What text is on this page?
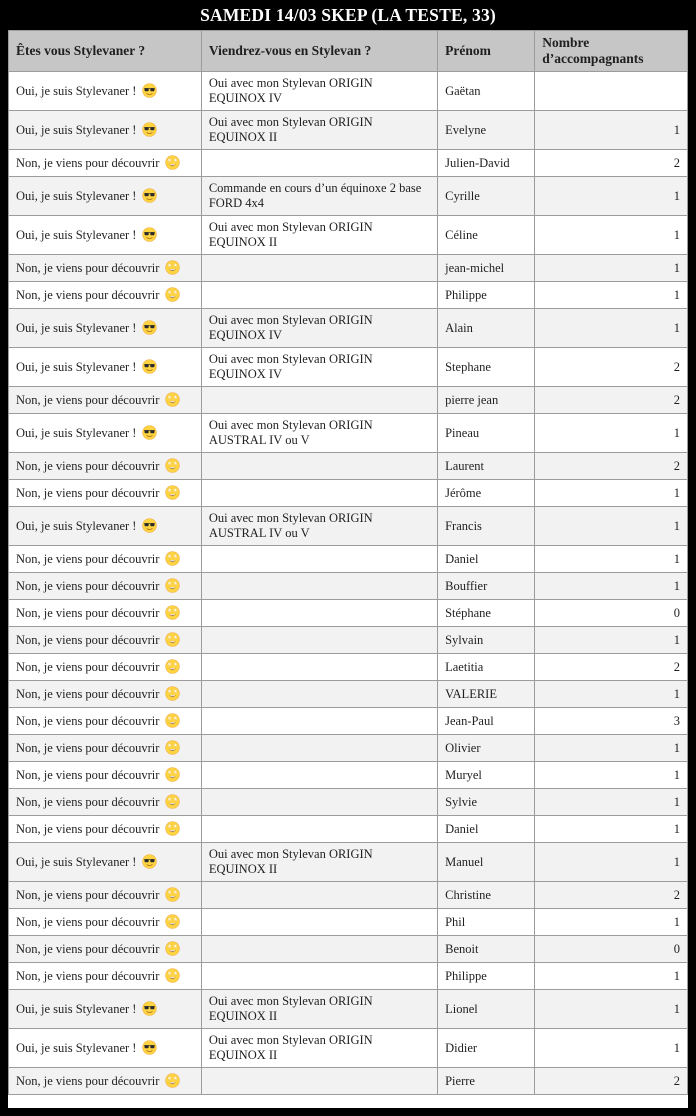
SAMEDI 14/03 SKEP (LA TESTE, 33)
Êtes vous Stylevaner ?	Viendrez-vous en Stylevan ?	Prénom	Nombre d’accompagnants
Oui, je suis Stylevaner !	Oui avec mon Stylevan ORIGIN EQUINOX IV	Gaëtan	
Oui, je suis Stylevaner !	Oui avec mon Stylevan ORIGIN EQUINOX II	Evelyne	1
Non, je viens pour découvrir		Julien-David	2
Oui, je suis Stylevaner !	Commande en cours d’un équinoxe 2 base FORD 4x4	Cyrille	1
Oui, je suis Stylevaner !	Oui avec mon Stylevan ORIGIN EQUINOX II	Céline	1
Non, je viens pour découvrir		jean-michel	1
Non, je viens pour découvrir		Philippe	1
Oui, je suis Stylevaner !	Oui avec mon Stylevan ORIGIN EQUINOX IV	Alain	1
Oui, je suis Stylevaner !	Oui avec mon Stylevan ORIGIN EQUINOX IV	Stephane	2
Non, je viens pour découvrir		pierre jean	2
Oui, je suis Stylevaner !	Oui avec mon Stylevan ORIGIN AUSTRAL IV ou V	Pineau	1
Non, je viens pour découvrir		Laurent	2
Non, je viens pour découvrir		Jérôme	1
Oui, je suis Stylevaner !	Oui avec mon Stylevan ORIGIN AUSTRAL IV ou V	Francis	1
Non, je viens pour découvrir		Daniel	1
Non, je viens pour découvrir		Bouffier	1
Non, je viens pour découvrir		Stéphane	0
Non, je viens pour découvrir		Sylvain	1
Non, je viens pour découvrir		Laetitia	2
Non, je viens pour découvrir		VALERIE	1
Non, je viens pour découvrir		Jean-Paul	3
Non, je viens pour découvrir		Olivier	1
Non, je viens pour découvrir		Muryel	1
Non, je viens pour découvrir		Sylvie	1
Non, je viens pour découvrir		Daniel	1
Oui, je suis Stylevaner !	Oui avec mon Stylevan ORIGIN EQUINOX II	Manuel	1
Non, je viens pour découvrir		Christine	2
Non, je viens pour découvrir		Phil	1
Non, je viens pour découvrir		Benoit	0
Non, je viens pour découvrir		Philippe	1
Oui, je suis Stylevaner !	Oui avec mon Stylevan ORIGIN EQUINOX II	Lionel	1
Oui, je suis Stylevaner !	Oui avec mon Stylevan ORIGIN EQUINOX II	Didier	1
Non, je viens pour découvrir		Pierre	2
